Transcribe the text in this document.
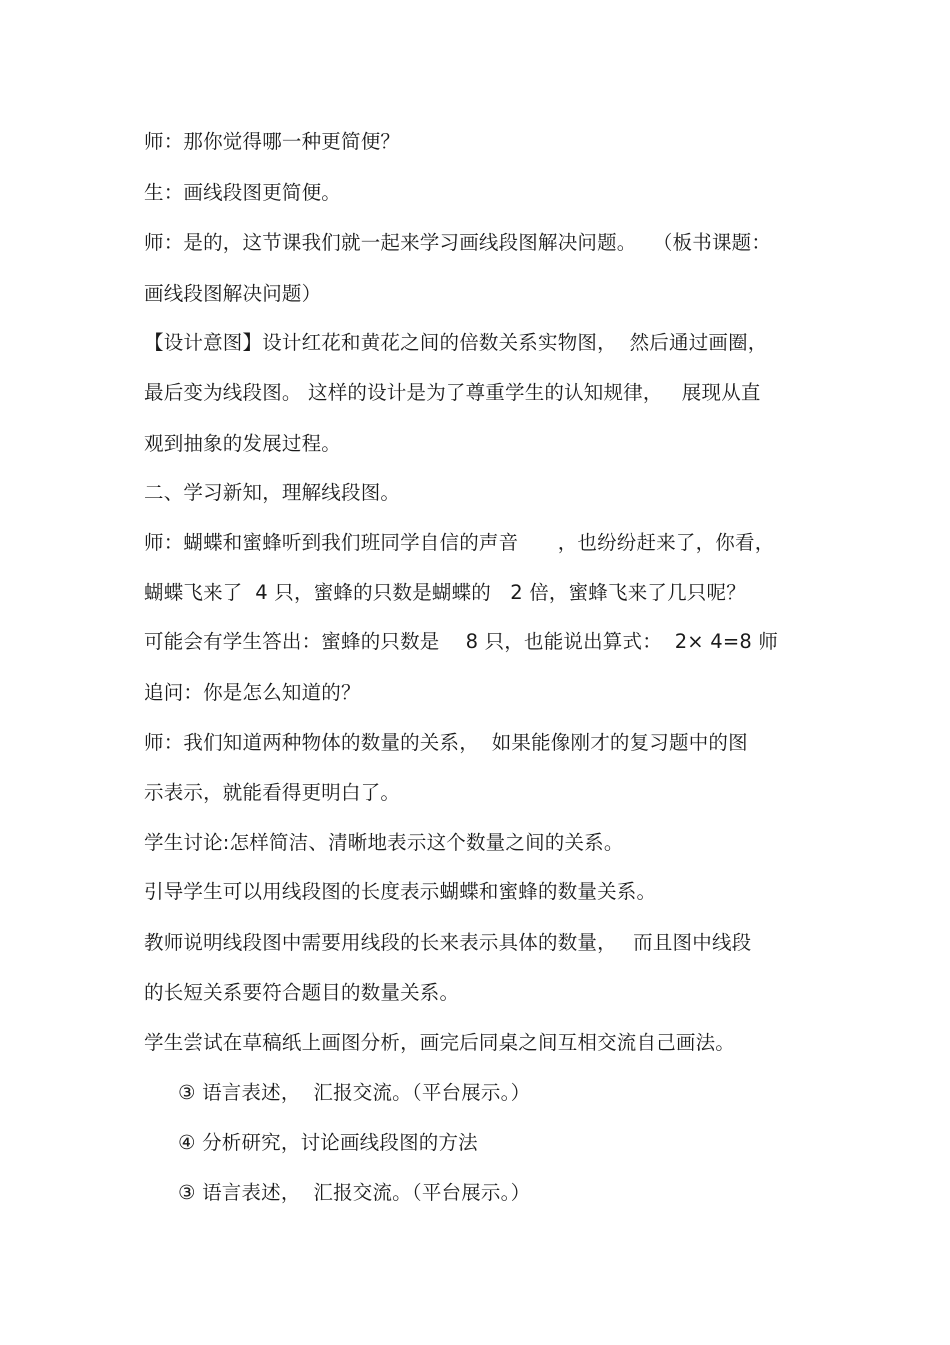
师：那你觉得哪一种更简便？
生：画线段图更简便。
师：是的，这节课我们就一起来学习画线段图解决问题。　 （板书课题：
画线段图解决问题）
【设计意图】设计红花和黄花之间的倍数关系实物图，  然后通过画圈，
最后变为线段图。 这样的设计是为了尊重学生的认知规律，   展现从直
观到抽象的发展过程。
二、学习新知，理解线段图。
师：蝴蝶和蜜蜂听到我们班同学自信的声音　　，也纷纷赶来了，你看，
蝴蝶飞来了  4 只，蜜蜂的只数是蝴蝶的   2 倍，蜜蜂飞来了几只呢？
可能会有学生答出：蜜蜂的只数是　 8 只，也能说出算式：  2× 4=8 师
追问：你是怎么知道的？
师：我们知道两种物体的数量的关系，  如果能像刚才的复习题中的图
示表示，就能看得更明白了。
学生讨论:怎样简洁、清晰地表示这个数量之间的关系。
引导学生可以用线段图的长度表示蝴蝶和蜜蜂的数量关系。
教师说明线段图中需要用线段的长来表示具体的数量，　 而且图中线段
的长短关系要符合题目的数量关系。
学生尝试在草稿纸上画图分析，画完后同桌之间互相交流自己画法。
③ 语言表述，  汇报交流。（平台展示。）
④ 分析研究，讨论画线段图的方法
③ 语言表述，  汇报交流。（平台展示。）
